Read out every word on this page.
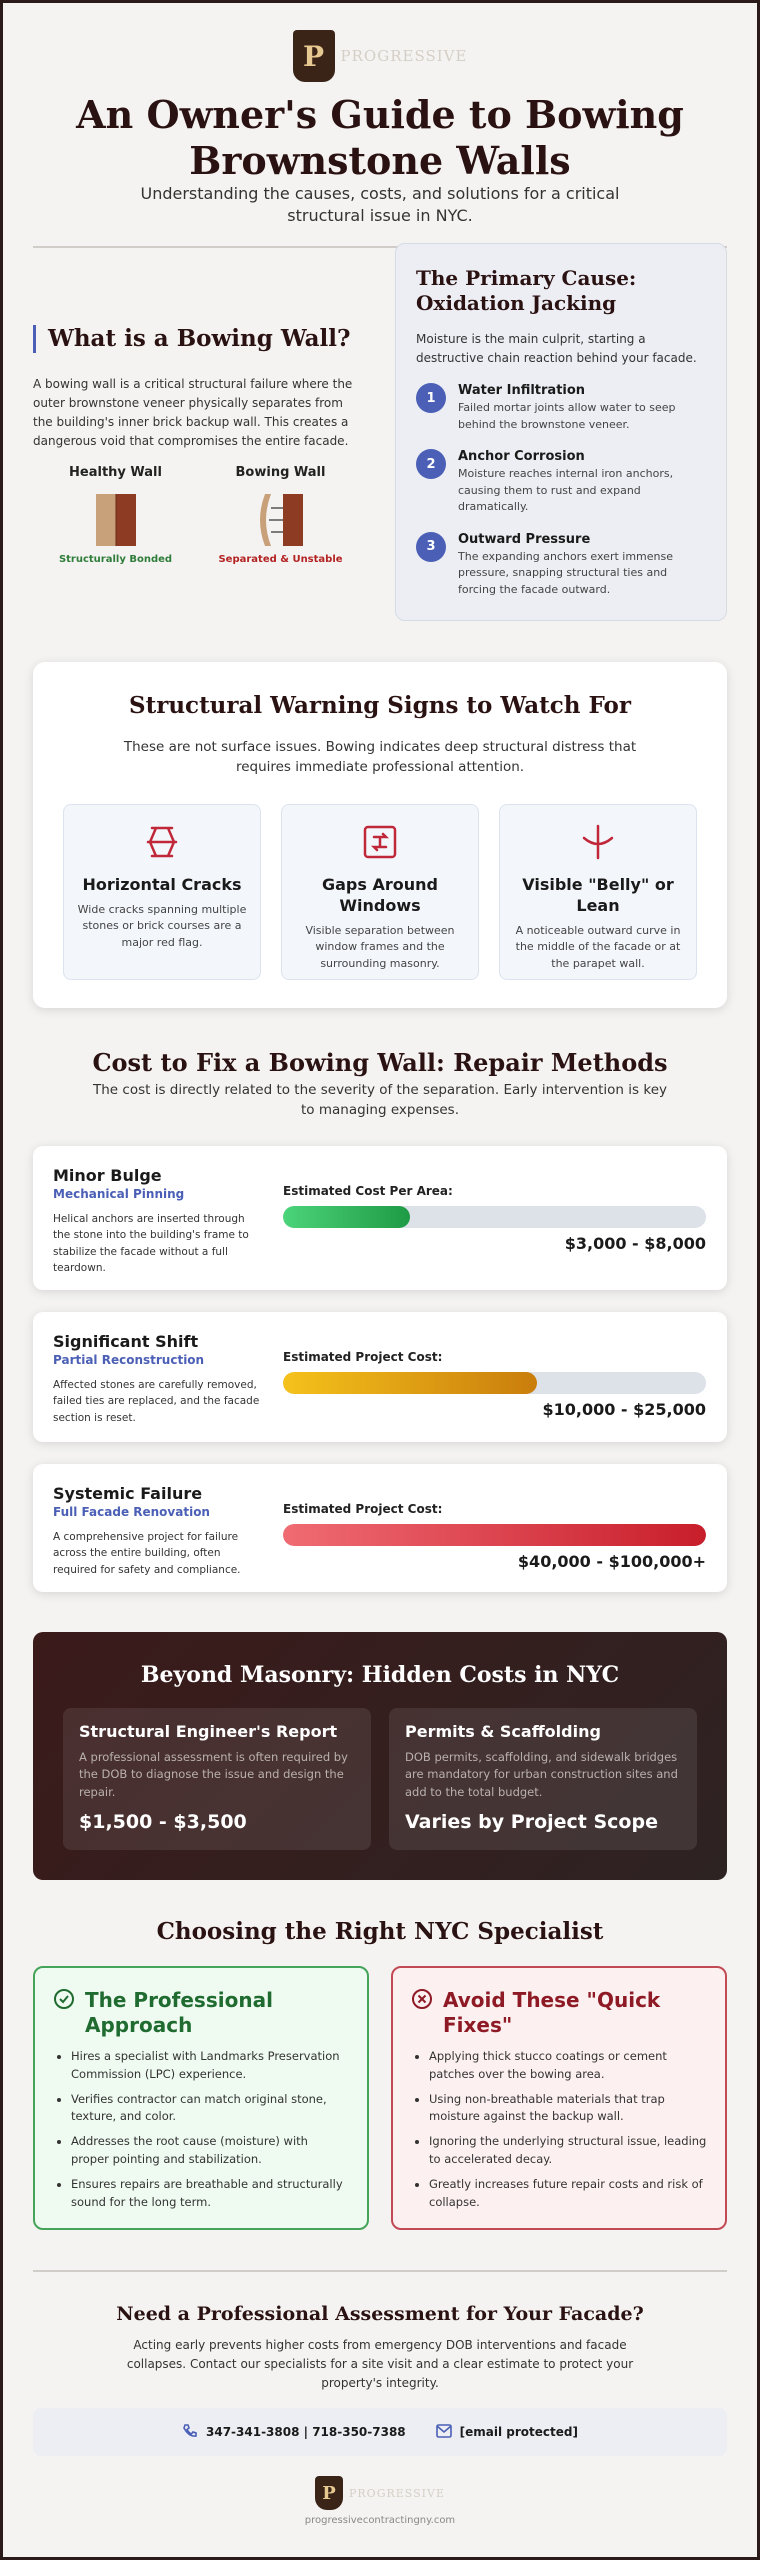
P	PROGRESSIVE
An Owner's Guide to Bowing Brownstone Walls

Understanding the causes, costs, and solutions for a critical structural issue in NYC.

What is a Bowing Wall?

A bowing wall is a critical structural failure where the outer brownstone veneer physically separates from the building's inner brick backup wall. This creates a dangerous void that compromises the entire facade.

Healthy Wall
Structurally Bonded
Bowing Wall
Separated & Unstable
The Primary Cause: Oxidation Jacking

Moisture is the main culprit, starting a destructive chain reaction behind your facade.

1	Water Infiltration
Failed mortar joints allow water to seep behind the brownstone veneer.
2	Anchor Corrosion
Moisture reaches internal iron anchors, causing them to rust and expand dramatically.
3	Outward Pressure
The expanding anchors exert immense pressure, snapping structural ties and forcing the facade outward.
Structural Warning Signs to Watch For

These are not surface issues. Bowing indicates deep structural distress that requires immediate professional attention.

Horizontal Cracks
Wide cracks spanning multiple stones or brick courses are a major red flag.
Gaps Around Windows
Visible separation between window frames and the surrounding masonry.
Visible "Belly" or Lean
A noticeable outward curve in the middle of the facade or at the parapet wall.
Cost to Fix a Bowing Wall: Repair Methods

The cost is directly related to the severity of the separation. Early intervention is key to managing expenses.

Minor Bulge
Mechanical Pinning
Helical anchors are inserted through the stone into the building's frame to stabilize the facade without a full teardown.
Estimated Cost Per Area:
$3,000 - $8,000
Significant Shift
Partial Reconstruction
Affected stones are carefully removed, failed ties are replaced, and the facade section is reset.
Estimated Project Cost:
$10,000 - $25,000
Systemic Failure
Full Facade Renovation
A comprehensive project for failure across the entire building, often required for safety and compliance.
Estimated Project Cost:
$40,000 - $100,000+
Beyond Masonry: Hidden Costs in NYC
Structural Engineer's Report
A professional assessment is often required by the DOB to diagnose the issue and design the repair.
$1,500 - $3,500
Permits & Scaffolding
DOB permits, scaffolding, and sidewalk bridges are mandatory for urban construction sites and add to the total budget.
Varies by Project Scope
Choosing the Right NYC Specialist
The Professional Approach
• Hires a specialist with Landmarks Preservation Commission (LPC) experience.
• Verifies contractor can match original stone, texture, and color.
• Addresses the root cause (moisture) with proper pointing and stabilization.
• Ensures repairs are breathable and structurally sound for the long term.
Avoid These "Quick Fixes"
• Applying thick stucco coatings or cement patches over the bowing area.
• Using non-breathable materials that trap moisture against the backup wall.
• Ignoring the underlying structural issue, leading to accelerated decay.
• Greatly increases future repair costs and risk of collapse.
Need a Professional Assessment for Your Facade?

Acting early prevents higher costs from emergency DOB interventions and facade collapses. Contact our specialists for a site visit and a clear estimate to protect your property's integrity.

347-341-3808 | 718-350-7388	[email protected]
P	PROGRESSIVE
progressivecontractingny.com
